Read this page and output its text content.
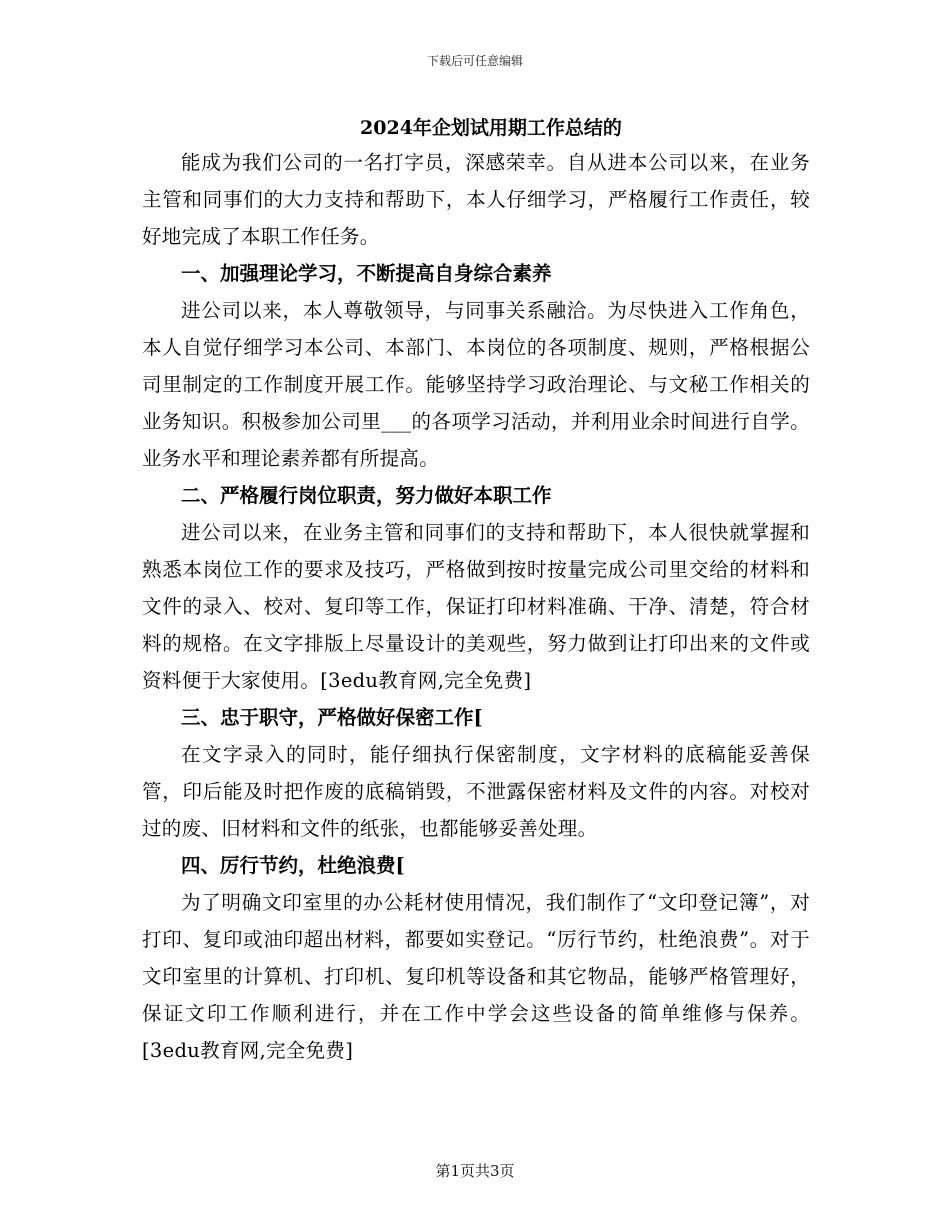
下载后可任意编辑
2024年企划试用期工作总结的

能成为我们公司的一名打字员，深感荣幸。自从进本公司以来，在业务主管和同事们的大力支持和帮助下，本人仔细学习，严格履行工作责任，较好地完成了本职工作任务。

一、加强理论学习，不断提高自身综合素养

进公司以来，本人尊敬领导，与同事关系融洽。为尽快进入工作角色，本人自觉仔细学习本公司、本部门、本岗位的各项制度、规则，严格根据公司里制定的工作制度开展工作。能够坚持学习政治理论、与文秘工作相关的业务知识。积极参加公司里___的各项学习活动，并利用业余时间进行自学。业务水平和理论素养都有所提高。

二、严格履行岗位职责，努力做好本职工作

进公司以来，在业务主管和同事们的支持和帮助下，本人很快就掌握和熟悉本岗位工作的要求及技巧，严格做到按时按量完成公司里交给的材料和文件的录入、校对、复印等工作，保证打印材料准确、干净、清楚，符合材料的规格。在文字排版上尽量设计的美观些，努力做到让打印出来的文件或资料便于大家使用。[3edu教育网,完全免费]

三、忠于职守，严格做好保密工作[

在文字录入的同时，能仔细执行保密制度，文字材料的底稿能妥善保管，印后能及时把作废的底稿销毁，不泄露保密材料及文件的内容。对校对过的废、旧材料和文件的纸张，也都能够妥善处理。

四、厉行节约，杜绝浪费[

为了明确文印室里的办公耗材使用情况，我们制作了“文印登记簿”，对打印、复印或油印超出材料，都要如实登记。“厉行节约，杜绝浪费”。对于文印室里的计算机、打印机、复印机等设备和其它物品，能够严格管理好，保证文印工作顺利进行，并在工作中学会这些设备的简单维修与保养。[3edu教育网,完全免费]

第1页共3页
